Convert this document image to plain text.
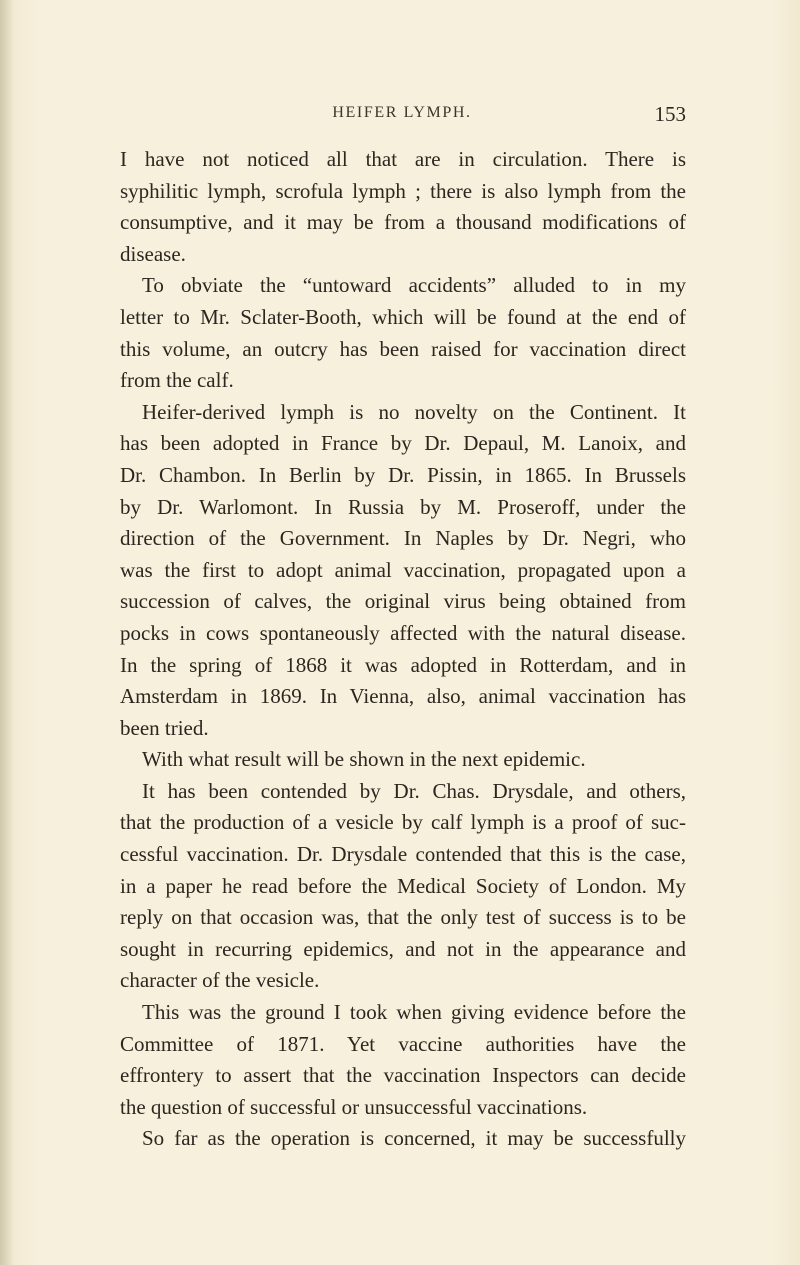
HEIFER LYMPH.	153
I have not noticed all that are in circulation. There is
syphilitic lymph, scrofula lymph ; there is also lymph from the
consumptive, and it may be from a thousand modifications of
disease.
To obviate the “untoward accidents” alluded to in my
letter to Mr. Sclater-Booth, which will be found at the end of
this volume, an outcry has been raised for vaccination direct
from the calf.
Heifer-derived lymph is no novelty on the Continent. It
has been adopted in France by Dr. Depaul, M. Lanoix, and
Dr. Chambon. In Berlin by Dr. Pissin, in 1865. In Brussels
by Dr. Warlomont. In Russia by M. Proseroff, under the
direction of the Government. In Naples by Dr. Negri, who
was the first to adopt animal vaccination, propagated upon a
succession of calves, the original virus being obtained from
pocks in cows spontaneously affected with the natural disease.
In the spring of 1868 it was adopted in Rotterdam, and in
Amsterdam in 1869. In Vienna, also, animal vaccination has
been tried.
With what result will be shown in the next epidemic.
It has been contended by Dr. Chas. Drysdale, and others,
that the production of a vesicle by calf lymph is a proof of suc-
cessful vaccination. Dr. Drysdale contended that this is the case,
in a paper he read before the Medical Society of London. My
reply on that occasion was, that the only test of success is to be
sought in recurring epidemics, and not in the appearance and
character of the vesicle.
This was the ground I took when giving evidence before the
Committee of 1871. Yet vaccine authorities have the
effrontery to assert that the vaccination Inspectors can decide
the question of successful or unsuccessful vaccinations.
So far as the operation is concerned, it may be successfully
